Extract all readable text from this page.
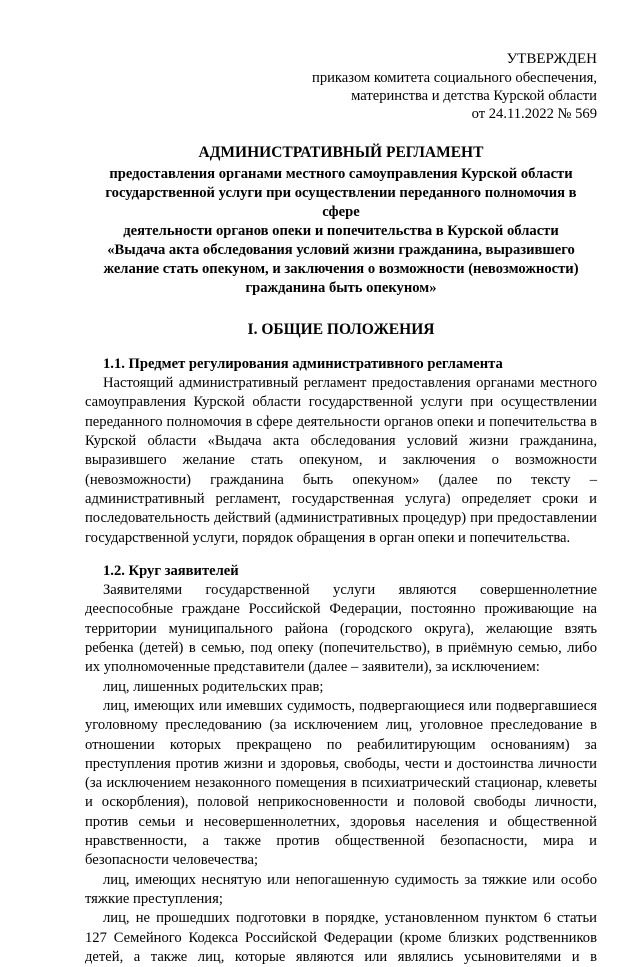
УТВЕРЖДЕН
приказом комитета социального обеспечения,
материнства и детства Курской области
от 24.11.2022 № 569
АДМИНИСТРАТИВНЫЙ РЕГЛАМЕНТ
предоставления органами местного самоуправления Курской области
государственной услуги при осуществлении переданного полномочия в сфере
деятельности органов опеки и попечительства в Курской области
«Выдача акта обследования условий жизни гражданина, выразившего
желание стать опекуном, и заключения о возможности (невозможности)
гражданина быть опекуном»
I. ОБЩИЕ ПОЛОЖЕНИЯ
1.1. Предмет регулирования административного регламента

Настоящий административный регламент предоставления органами местного самоуправления Курской области государственной услуги при осуществлении переданного полномочия в сфере деятельности органов опеки и попечительства в Курской области «Выдача акта обследования условий жизни гражданина, выразившего желание стать опекуном, и заключения о возможности (невозможности) гражданина быть опекуном» (далее по тексту – административный регламент, государственная услуга) определяет сроки и последовательность действий (административных процедур) при предоставлении государственной услуги, порядок обращения в орган опеки и попечительства.

1.2. Круг заявителей

Заявителями государственной услуги являются совершеннолетние дееспособные граждане Российской Федерации, постоянно проживающие на территории муниципального района (городского округа), желающие взять ребенка (детей) в семью, под опеку (попечительство), в приёмную семью, либо их уполномоченные представители (далее – заявители), за исключением:

лиц, лишенных родительских прав;

лиц, имеющих или имевших судимость, подвергающиеся или подвергавшиеся уголовному преследованию (за исключением лиц, уголовное преследование в отношении которых прекращено по реабилитирующим основаниям) за преступления против жизни и здоровья, свободы, чести и достоинства личности (за исключением незаконного помещения в психиатрический стационар, клеветы и оскорбления), половой неприкосновенности и половой свободы личности, против семьи и несовершеннолетних, здоровья населения и общественной нравственности, а также против общественной безопасности, мира и безопасности человечества;

лиц, имеющих неснятую или непогашенную судимость за тяжкие или особо тяжкие преступления;

лиц, не прошедших подготовки в порядке, установленном пунктом 6 статьи 127 Семейного Кодекса Российской Федерации (кроме близких родственников детей, а также лиц, которые являются или являлись усыновителями и в
